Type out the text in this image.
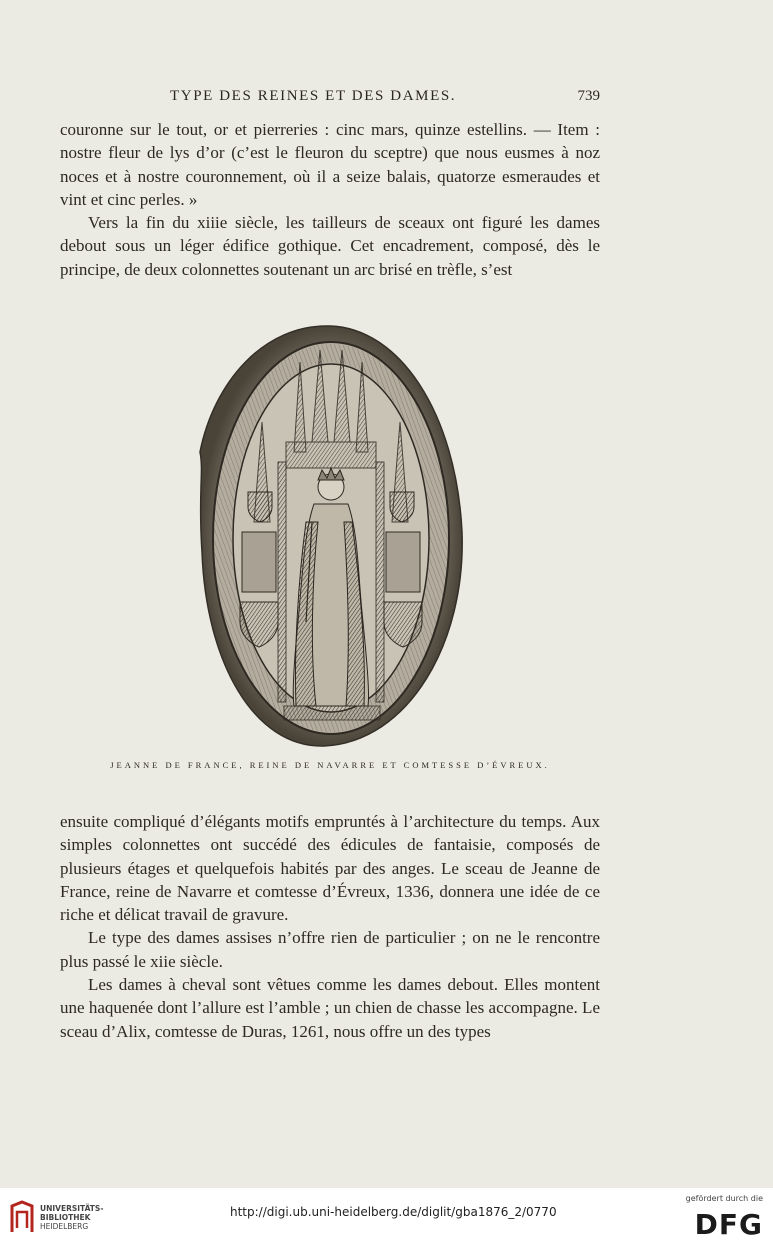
TYPE DES REINES ET DES DAMES.	739

couronne sur le tout, or et pierreries : cinc mars, quinze estellins. — Item : nostre fleur de lys d’or (c’est le fleuron du sceptre) que nous eusmes à noz noces et à nostre couronnement, où il a seize balais, quatorze esmeraudes et vint et cinc perles. »

Vers la fin du xiiie siècle, les tailleurs de sceaux ont figuré les dames debout sous un léger édifice gothique. Cet encadrement, composé, dès le principe, de deux colonnettes soutenant un arc brisé en trèfle, s’est

JEANNE DE FRANCE, REINE DE NAVARRE ET COMTESSE D’ÉVREUX.

ensuite compliqué d’élégants motifs empruntés à l’architecture du temps. Aux simples colonnettes ont succédé des édicules de fantaisie, composés de plusieurs étages et quelquefois habités par des anges. Le sceau de Jeanne de France, reine de Navarre et comtesse d’Évreux, 1336, donnera une idée de ce riche et délicat travail de gravure.

Le type des dames assises n’offre rien de particulier ; on ne le rencontre plus passé le xiie siècle.

Les dames à cheval sont vêtues comme les dames debout. Elles montent une haquenée dont l’allure est l’amble ; un chien de chasse les accompagne. Le sceau d’Alix, comtesse de Duras, 1261, nous offre un des types

UNIVERSITÄTS-
BIBLIOTHEK
HEIDELBERG
http://digi.ub.uni-heidelberg.de/diglit/gba1876_2/0770
gefördert durch die
DFG
